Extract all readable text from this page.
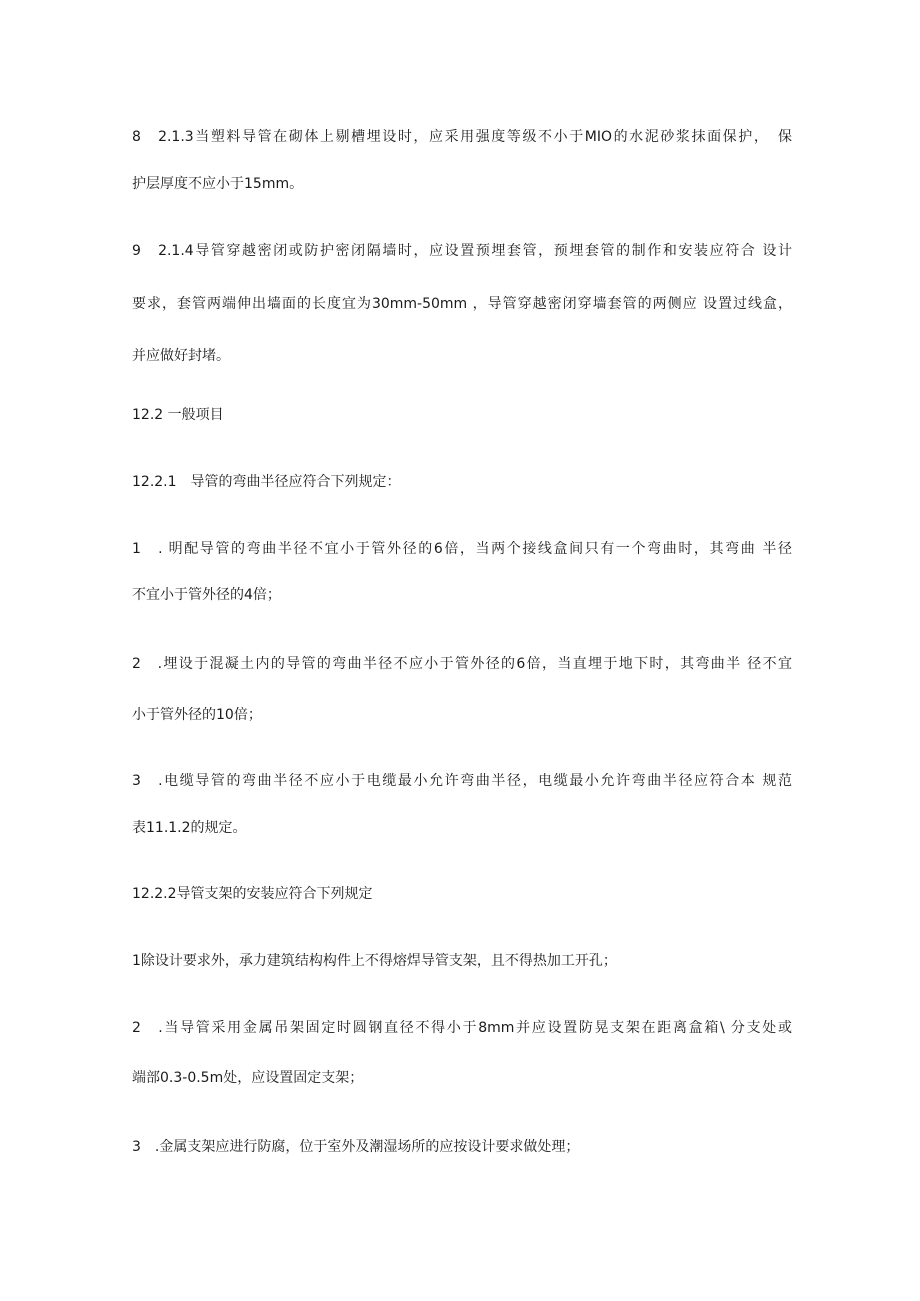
8　2.1.3当塑料导管在砌体上剔槽埋设时，应采用强度等级不小于MIO的水泥砂浆抹面保护，　保
护层厚度不应小于15mm。
9　2.1.4导管穿越密闭或防护密闭隔墙时，应设置预埋套管，预埋套管的制作和安装应符合 设计
要求，套管两端伸出墙面的长度宜为30mm-50mm ，导管穿越密闭穿墙套管的两侧应 设置过线盒，
并应做好封堵。
12.2 一般项目
12.2.1　导管的弯曲半径应符合下列规定：
1　. 明配导管的弯曲半径不宜小于管外径的6倍，当两个接线盒间只有一个弯曲时，其弯曲 半径
不宜小于管外径的4倍；
2　.埋设于混凝土内的导管的弯曲半径不应小于管外径的6倍，当直埋于地下时，其弯曲半 径不宜
小于管外径的10倍；
3　.电缆导管的弯曲半径不应小于电缆最小允许弯曲半径，电缆最小允许弯曲半径应符合本 规范
表11.1.2的规定。
12.2.2导管支架的安装应符合下列规定
1除设计要求外，承力建筑结构构件上不得熔焊导管支架，且不得热加工开孔；
2　.当导管采用金属吊架固定时圆钢直径不得小于8mm并应设置防晃支架在距离盒箱\ 分支处或
端部0.3-0.5m处，应设置固定支架；
3　.金属支架应进行防腐，位于室外及潮湿场所的应按设计要求做处理；
